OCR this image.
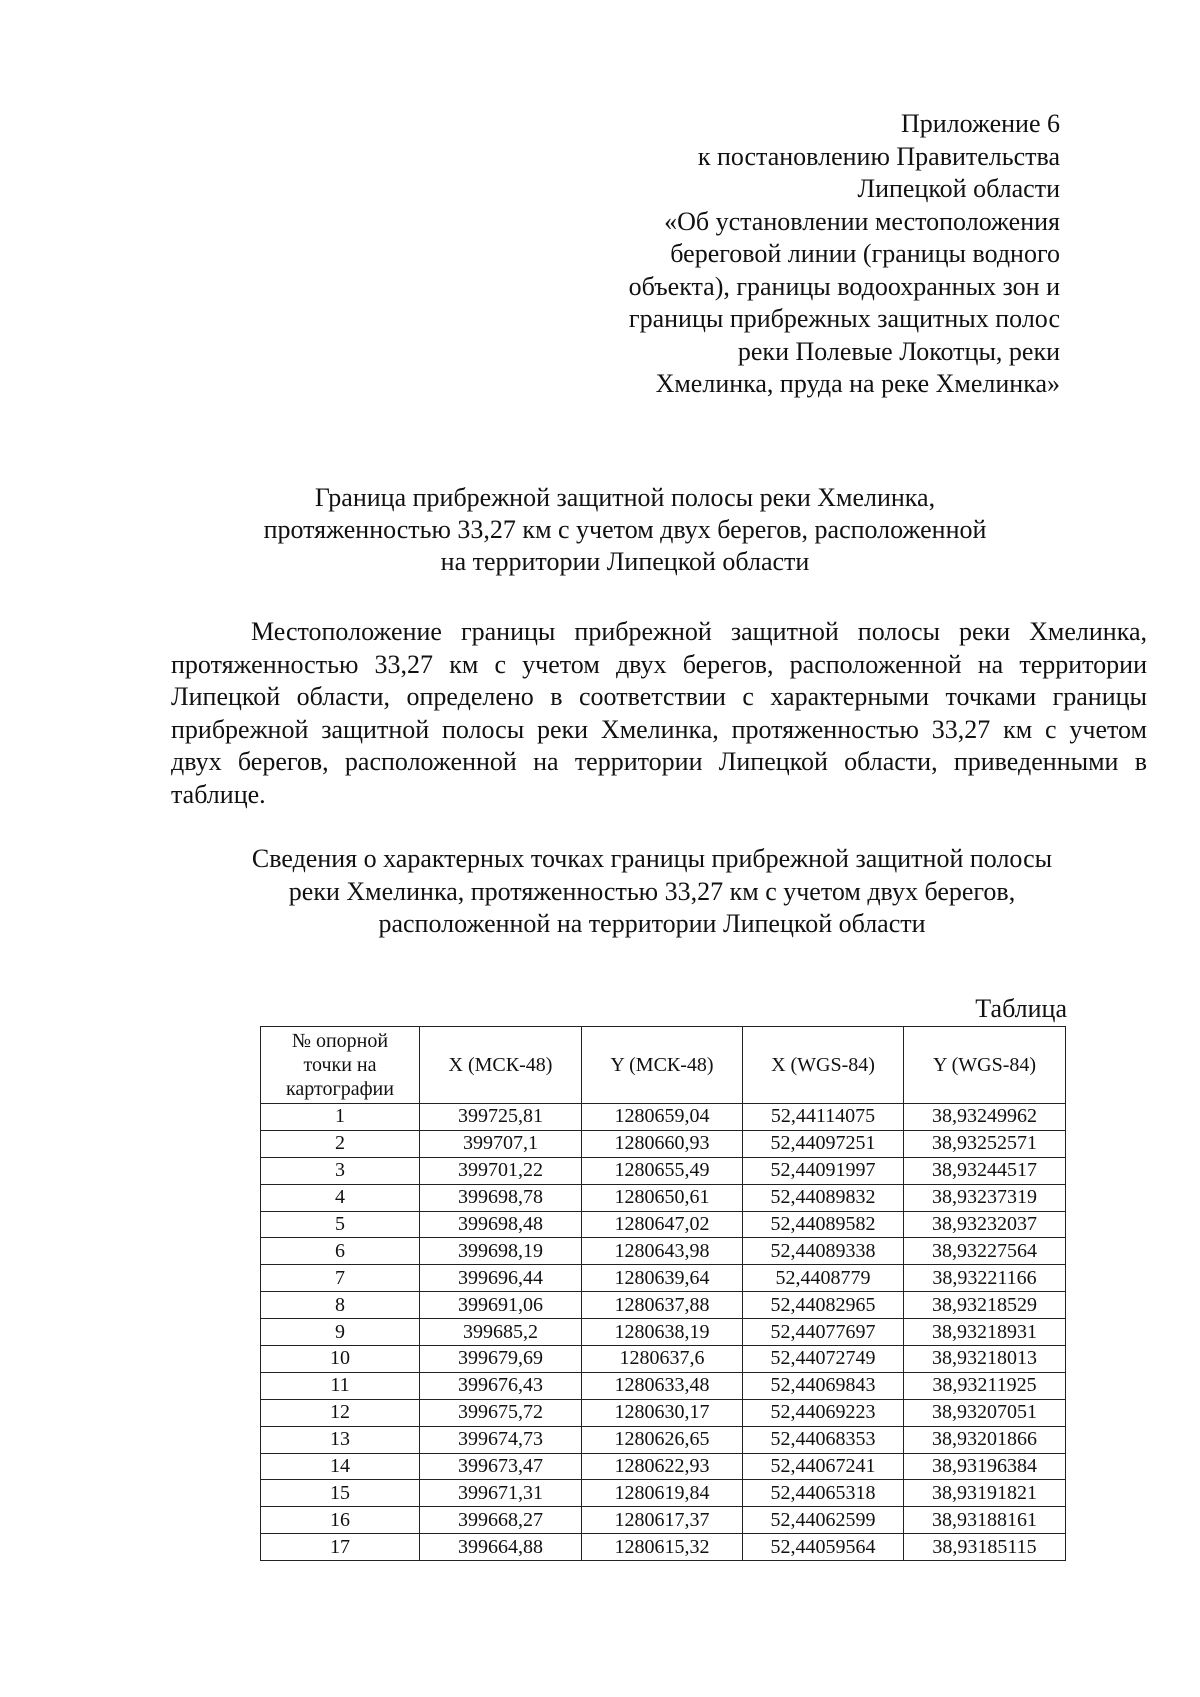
Приложение 6
к постановлению Правительства
Липецкой области
«Об установлении местоположения
береговой линии (границы водного
объекта), границы водоохранных зон и
границы прибрежных защитных полос
реки Полевые Локотцы, реки
Хмелинка, пруда на реке Хмелинка»
Граница прибрежной защитной полосы реки Хмелинка,
протяженностью 33,27 км с учетом двух берегов, расположенной
на территории Липецкой области

Местоположение границы прибрежной защитной полосы реки Хмелинка, протяженностью 33,27 км с учетом двух берегов, расположенной на территории Липецкой области, определено в соответствии с характерными точками границы прибрежной защитной полосы реки Хмелинка, протяженностью 33,27 км с учетом двух берегов, расположенной на территории Липецкой области, приведенными в таблице.

Сведения о характерных точках границы прибрежной защитной полосы
реки Хмелинка, протяженностью 33,27 км с учетом двух берегов,
расположенной на территории Липецкой области
Таблица
№ опорной точки на картографии	X (МСК-48)	Y (МСК-48)	X (WGS-84)	Y (WGS-84)
1	399725,81	1280659,04	52,44114075	38,93249962
2	399707,1	1280660,93	52,44097251	38,93252571
3	399701,22	1280655,49	52,44091997	38,93244517
4	399698,78	1280650,61	52,44089832	38,93237319
5	399698,48	1280647,02	52,44089582	38,93232037
6	399698,19	1280643,98	52,44089338	38,93227564
7	399696,44	1280639,64	52,4408779	38,93221166
8	399691,06	1280637,88	52,44082965	38,93218529
9	399685,2	1280638,19	52,44077697	38,93218931
10	399679,69	1280637,6	52,44072749	38,93218013
11	399676,43	1280633,48	52,44069843	38,93211925
12	399675,72	1280630,17	52,44069223	38,93207051
13	399674,73	1280626,65	52,44068353	38,93201866
14	399673,47	1280622,93	52,44067241	38,93196384
15	399671,31	1280619,84	52,44065318	38,93191821
16	399668,27	1280617,37	52,44062599	38,93188161
17	399664,88	1280615,32	52,44059564	38,93185115
